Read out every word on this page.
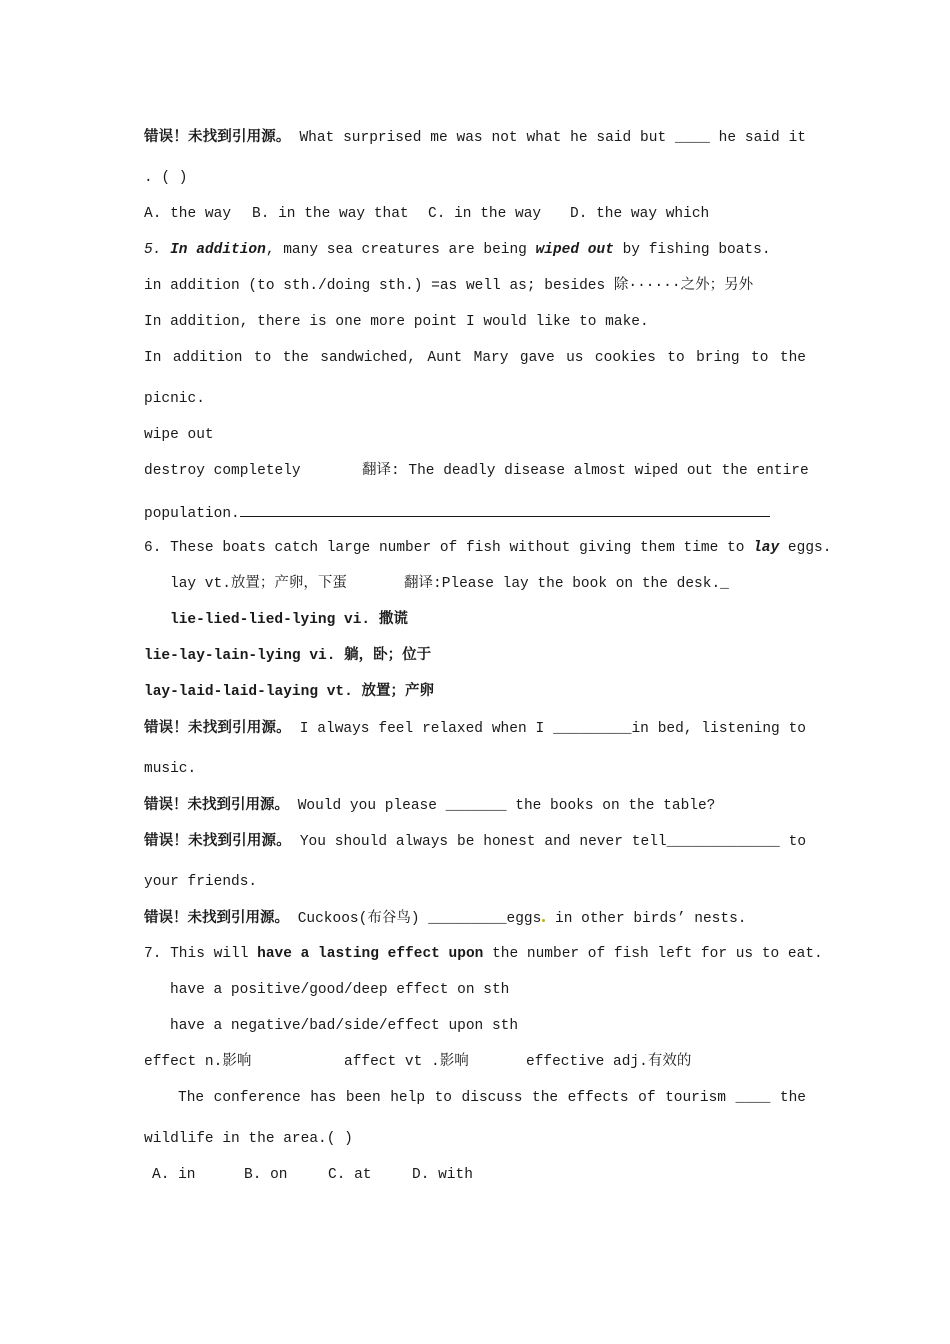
错误！未找到引用源。 What surprised me was not what he said but ____ he said it
. ( )
A. the way B. in the way that C. in the way D. the way which
5. In addition, many sea creatures are being wiped out by fishing boats.
in addition (to sth./doing sth.) =as well as; besides 除······之外；另外
In addition, there is one more point I would like to make.
In addition to the sandwiched, Aunt Mary gave us cookies to bring to the
picnic.
wipe out
destroy completely	翻译: The deadly disease almost wiped out the entire
population.
6. These boats catch large number of fish without giving them time to lay eggs.
lay vt.放置；产卵，下蛋	翻译:Please lay the book on the desk._
lie-lied-lied-lying vi. 撒谎
lie-lay-lain-lying vi. 躺，卧；位于
lay-laid-laid-laying vt. 放置；产卵
错误！未找到引用源。 I always feel relaxed when I _________in bed, listening to
music.
错误！未找到引用源。 Would you please _______ the books on the table?
错误！未找到引用源。 You should always be honest and never tell_____________ to
your friends.
错误！未找到引用源。 Cuckoos(布谷鸟) _________eggs in other birds’ nests.
7. This will have a lasting effect upon the number of fish left for us to eat.
have a positive/good/deep effect on sth
have a negative/bad/side/effect upon sth
effect n.影响	affect vt .影响	effective adj.有效的
The conference has been help to discuss the effects of tourism ____ the
wildlife in the area.( )
A. in	B. on	C. at	D. with
